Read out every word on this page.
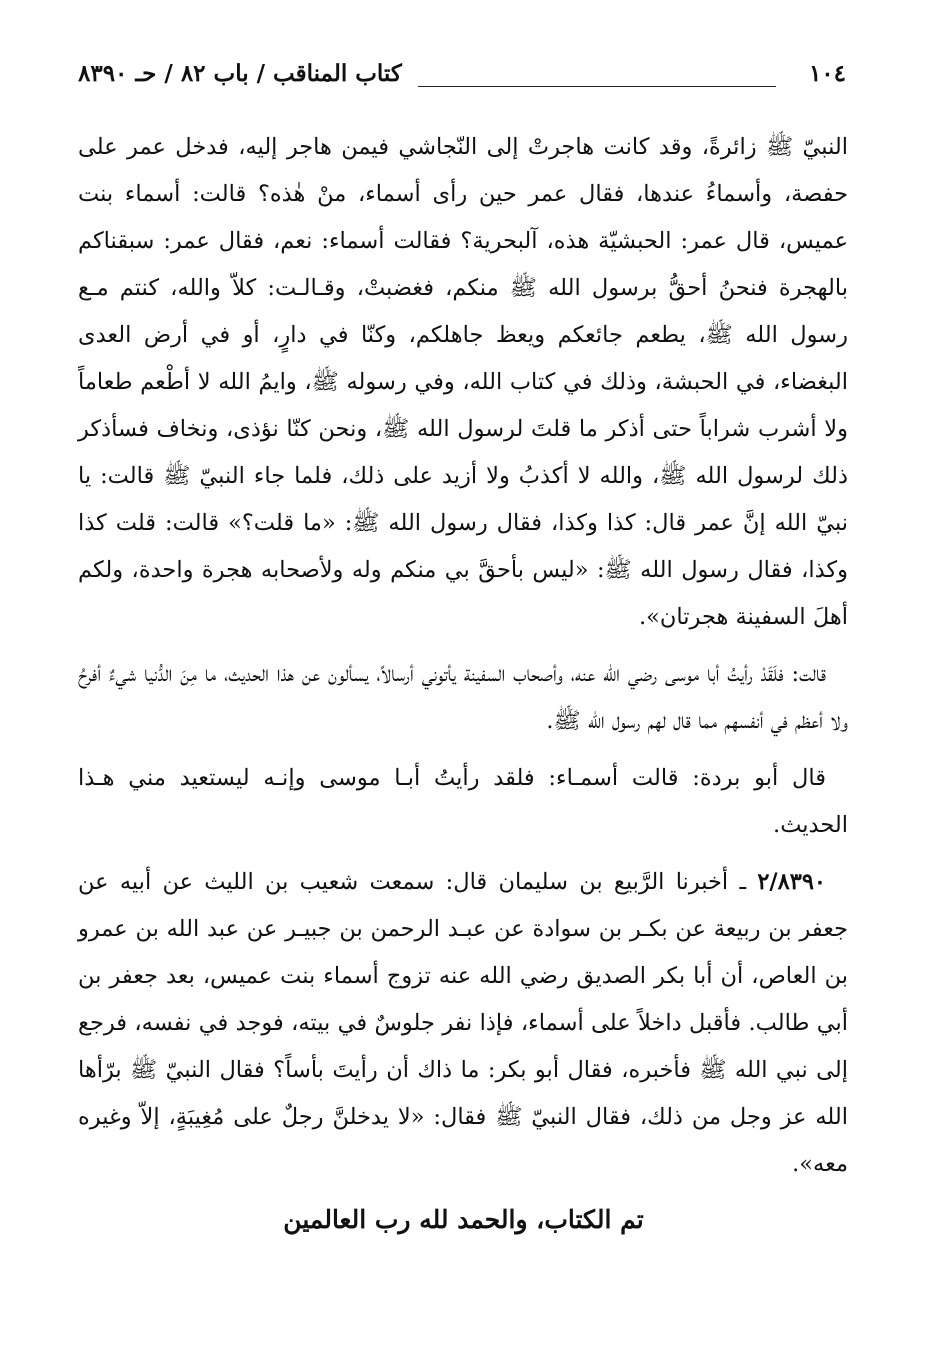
١٠٤
كتاب المناقب / باب ٨٢ / حـ ٨٣٩٠

النبيّ ﷺ زائرةً، وقد كانت هاجرتْ إلى النّجاشي فيمن هاجر إليه، فدخل عمر على حفصة، وأسماءُ عندها، فقال عمر حين رأى أسماء، منْ هٰذه؟ قالت: أسماء بنت عميس، قال عمر: الحبشيّة هذه، آلبحرية؟ فقالت أسماء: نعم، فقال عمر: سبقناكم بالهجرة فنحنُ أحقُّ برسول الله ﷺ منكم، فغضبتْ، وقـالـت: كلاّ والله، كنتم مـع رسول الله ﷺ، يطعم جائعكم ويعظ جاهلكم، وكنّا في دارٍ، أو في أرض العدى البغضاء، في الحبشة، وذلك في كتاب الله، وفي رسوله ﷺ، وايمُ الله لا أطْعم طعاماً ولا أشرب شراباً حتى أذكر ما قلتَ لرسول الله ﷺ، ونحن كنّا نؤذى، ونخاف فسأذكر ذلك لرسول الله ﷺ، والله لا أكذبُ ولا أزيد على ذلك، فلما جاء النبيّ ﷺ قالت: يا نبيّ الله إنَّ عمر قال: كذا وكذا، فقال رسول الله ﷺ: «ما قلت؟» قالت: قلت كذا وكذا، فقال رسول الله ﷺ: «ليس بأحقَّ بي منكم وله ولأصحابه هجرة واحدة، ولكم أهلَ السفينة هجرتان».

قالت: فلَقَدْ رأيتُ أبا موسى رضي الله عنه، وأصحاب السفينة يأتوني أرسالاً، يسألون عن هذا الحديث، ما مِنَ الدُّنيا شيءٌ أفرحُ ولا أعظم في أنفسهم مما قال لهم رسول الله ﷺ.

قال أبو بردة: قالت أسمـاء: فلقد رأيتُ أبـا موسى وإنـه ليستعيد مني هـذا الحديث.

٢/٨٣٩٠ ـ أخبرنا الرَّبيع بن سليمان قال: سمعت شعيب بن الليث عن أبيه عن جعفر بن ربيعة عن بكـر بن سوادة عن عبـد الرحمن بن جبيـر عن عبد الله بن عمرو بن العاص، أن أبا بكر الصديق رضي الله عنه تزوج أسماء بنت عميس، بعد جعفر بن أبي طالب. فأقبل داخلاً على أسماء، فإذا نفر جلوسٌ في بيته، فوجد في نفسه، فرجع إلى نبي الله ﷺ فأخبره، فقال أبو بكر: ما ذاك أن رأيتَ بأساً؟ فقال النبيّ ﷺ برّأها الله عز وجل من ذلك، فقال النبيّ ﷺ فقال: «لا يدخلنَّ رجلٌ على مُغِيبَةٍ، إلاّ وغيره معه».

تم الكتاب، والحمد لله رب العالمين
